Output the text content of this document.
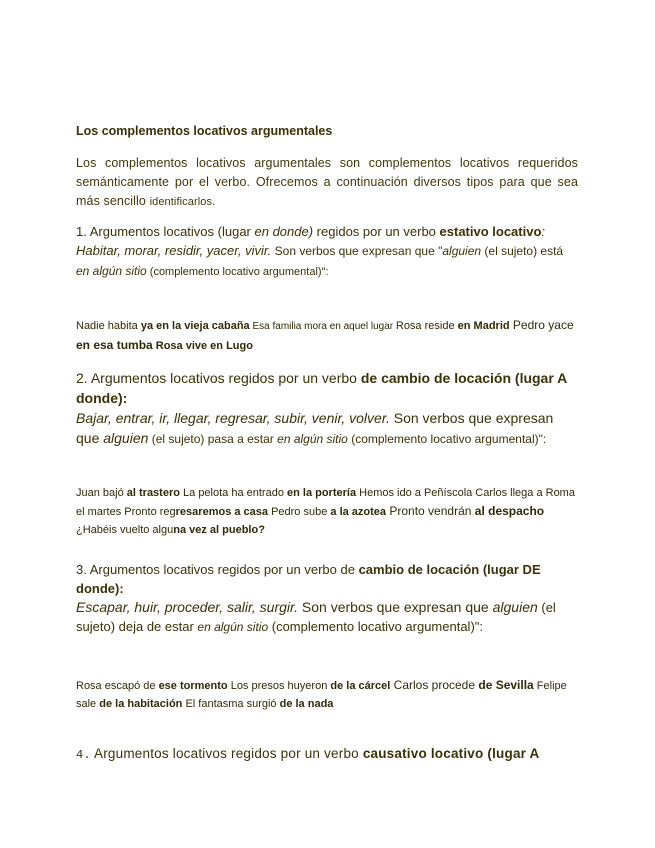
Los complementos locativos argumentales

Los complementos locativos argumentales son complementos locativos requeridos semánticamente por el verbo. Ofrecemos a continuación diversos tipos para que sea más sencillo identificarlos.

1. Argumentos locativos (lugar en donde) regidos por un verbo estativo locativo: Habitar, morar, residir, yacer, vivir. Son verbos que expresan que "alguien (el sujeto) está en algún sitio (complemento locativo argumental)":

Nadie habita ya en la vieja cabaña Esa familia mora en aquel lugar Rosa reside en Madrid Pedro yace en esa tumba Rosa vive en Lugo

2. Argumentos locativos regidos por un verbo de cambio de locación (lugar A donde):
Bajar, entrar, ir, llegar, regresar, subir, venir, volver. Son verbos que expresan que alguien (el sujeto) pasa a estar en algún sitio (complemento locativo argumental)":

Juan bajó al trastero La pelota ha entrado en la portería Hemos ido a Peñíscola Carlos llega a Roma el martes Pronto regresaremos a casa Pedro sube a la azotea Pronto vendrán al despacho ¿Habéis vuelto alguna vez al pueblo?

3. Argumentos locativos regidos por un verbo de cambio de locación (lugar DE donde):
Escapar, huir, proceder, salir, surgir. Son verbos que expresan que alguien (el sujeto) deja de estar en algún sitio (complemento locativo argumental)":

Rosa escapó de ese tormento Los presos huyeron de la cárcel Carlos procede de Sevilla Felipe sale de la habitación El fantasma surgió de la nada

4. Argumentos locativos regidos por un verbo causativo locativo (lugar A
